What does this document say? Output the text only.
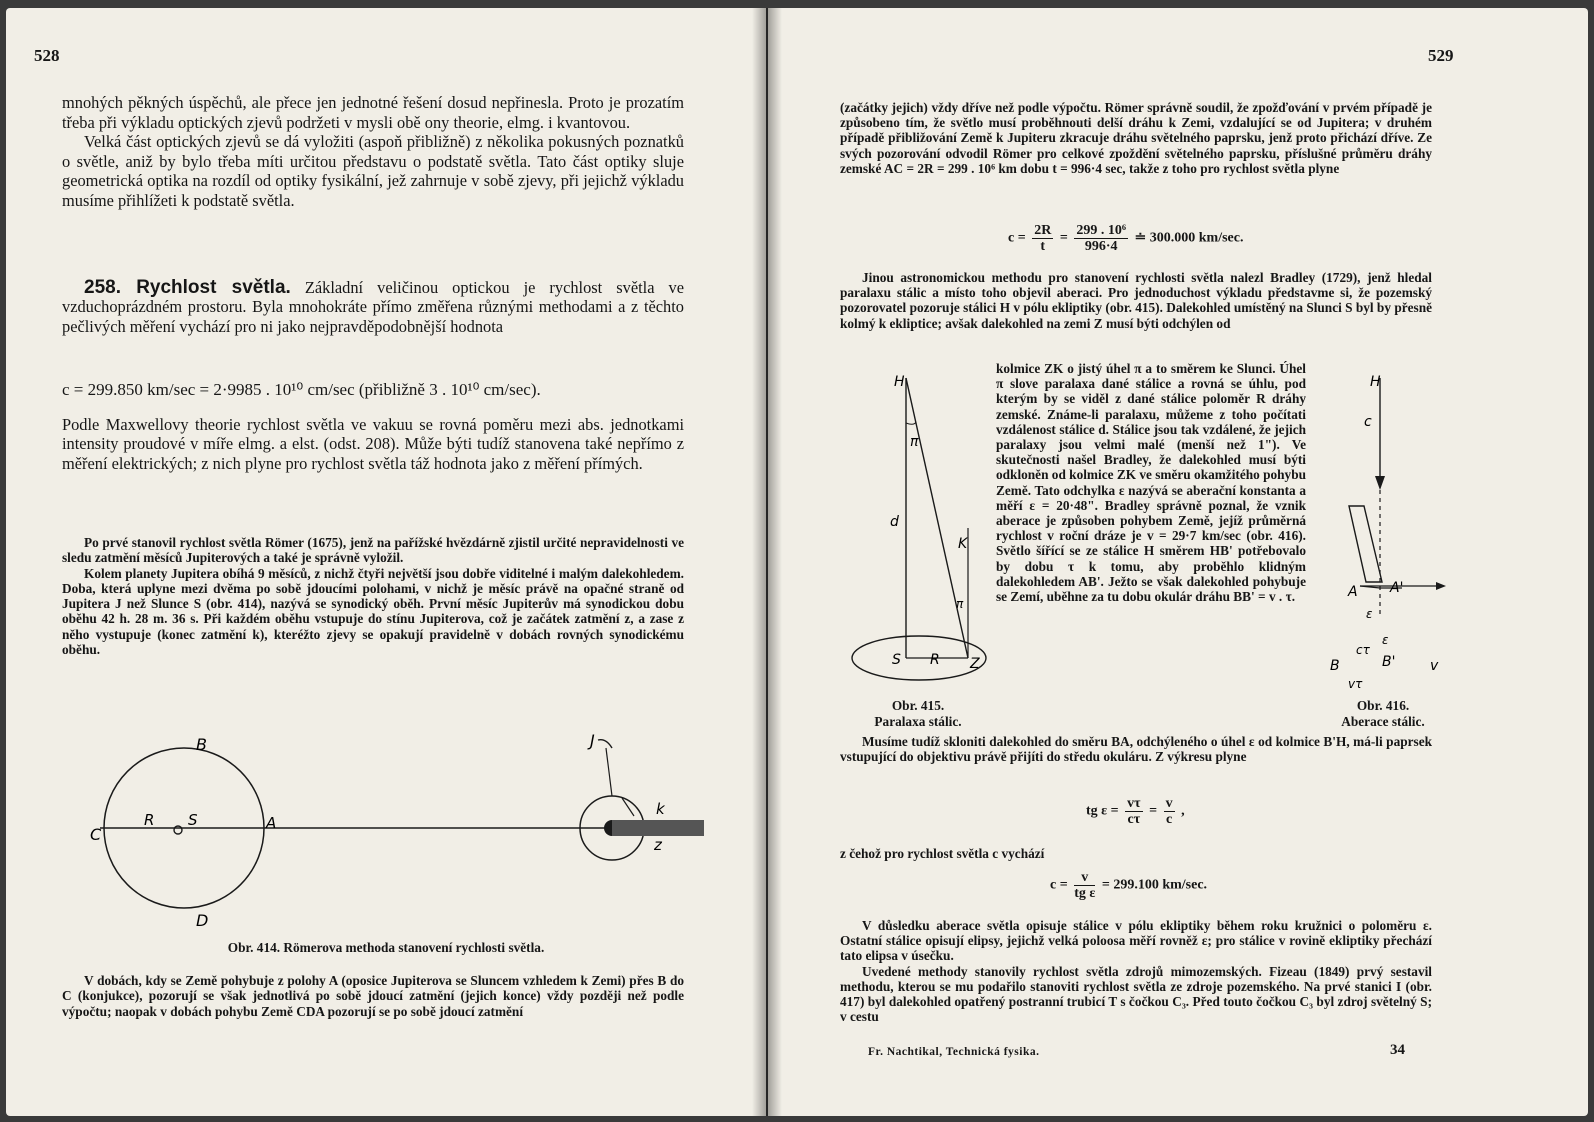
528

mnohých pěkných úspěchů, ale přece jen jednotné řešení dosud nepřinesla. Proto je prozatím třeba při výkladu optických zjevů podržeti v mysli obě ony theorie, elmg. i kvantovou.

Velká část optických zjevů se dá vyložiti (aspoň přibližně) z několika pokusných poznatků o světle, aniž by bylo třeba míti určitou představu o podstatě světla. Tato část optiky sluje geometrická optika na rozdíl od optiky fysikální, jež zahrnuje v sobě zjevy, při jejichž výkladu musíme přihlížeti k podstatě světla.

258. Rychlost světla. Základní veličinou optickou je rychlost světla ve vzduchoprázdném prostoru. Byla mnohokráte přímo změřena různými methodami a z těchto pečlivých měření vychází pro ni jako nejpravděpodobnější hodnota

c = 299.850 km/sec = 2·9985 . 10¹⁰ cm/sec (přibližně 3 . 10¹⁰ cm/sec).
Podle Maxwellovy theorie rychlost světla ve vakuu se rovná poměru mezi abs. jednotkami intensity proudové v míře elmg. a elst. (odst. 208). Může býti tudíž stanovena také nepřímo z měření elektrických; z nich plyne pro rychlost světla táž hodnota jako z měření přímých.

Po prvé stanovil rychlost světla Römer (1675), jenž na pařížské hvězdárně zjistil určité nepravidelnosti ve sledu zatmění měsíců Jupiterových a také je správně vyložil.

Kolem planety Jupitera obíhá 9 měsíců, z nichž čtyři největší jsou dobře viditelné i malým dalekohledem. Doba, která uplyne mezi dvěma po sobě jdoucími polohami, v nichž je měsíc právě na opačné straně od Jupitera J než Slunce S (obr. 414), nazývá se synodický oběh. První měsíc Jupiterův má synodickou dobu oběhu 42 h. 28 m. 36 s. Při každém oběhu vstupuje do stínu Jupiterova, což je začátek zatmění z, a zase z něho vystupuje (konec zatmění k), kteréžto zjevy se opakují pravidelně v dobách rovných synodickému oběhu.

B
C
R S	A
D
J
k
z
Obr. 414. Römerova methoda stanovení rychlosti světla.

V dobách, kdy se Země pohybuje z polohy A (oposice Jupiterova se Sluncem vzhledem k Zemi) přes B do C (konjukce), pozorují se však jednotlivá po sobě jdoucí zatmění (jejich konce) vždy později než podle výpočtu; naopak v dobách pohybu Země CDA pozorují se po sobě jdoucí zatmění

529
(začátky jejich) vždy dříve než podle výpočtu. Römer správně soudil, že zpožďování v prvém případě je způsobeno tím, že světlo musí proběhnouti delší dráhu k Zemi, vzdalující se od Jupitera; v druhém případě přibližování Země k Jupiteru zkracuje dráhu světelného paprsku, jenž proto přichází dříve. Ze svých pozorování odvodil Römer pro celkové zpoždění světelného paprsku, příslušné průměru dráhy zemské AC = 2R = 299 . 10⁶ km dobu t = 996·4 sec, takže z toho pro rychlost světla plyne
$c = \frac{2R}{t} = \frac{\text{299 . 10⁶}}{996\cdot 4}$ ≐ 300.000 km/sec.

Jinou astronomickou methodu pro stanovení rychlosti světla nalezl Bradley (1729), jenž hledal paralaxu stálic a místo toho objevil aberaci. Pro jednoduchost výkladu představme si, že pozemský pozorovatel pozoruje stálici H v pólu ekliptiky (obr. 415). Dalekohled umístěný na Slunci S byl by přesně kolmý k ekliptice; avšak dalekohled na zemi Z musí býti odchýlen od

H
π
d
K
π
S R Z
Obr. 415.
Paralaxa stálic.
kolmice ZK o jistý úhel π a to směrem ke Slunci. Úhel π slove paralaxa dané stálice a rovná se úhlu, pod kterým by se viděl z dané stálice poloměr R dráhy zemské. Známe-li paralaxu, můžeme z toho počítati vzdálenost stálice d. Stálice jsou tak vzdálené, že jejich paralaxy jsou velmi malé (menší než 1"). Ve skutečnosti našel Bradley, že dalekohled musí býti odkloněn od kolmice ZK ve směru okamžitého pohybu Země. Tato odchylka ε nazývá se aberační konstanta a měří ε = 20·48". Bradley správně poznal, že vznik aberace je způsoben pohybem Země, jejíž průměrná rychlost v roční dráze je v = 29·7 km/sec (obr. 416). Světlo šířící se ze stálice H směrem HB' potřebovalo by dobu τ k tomu, aby proběhlo klidným dalekohledem AB'. Ježto se však dalekohled pohybuje se Zemí, uběhne za tu dobu okulár dráhu BB' = v . τ.
H
c
A A'
ε
cτ
ε
B	B'
vτ
v
Obr. 416.
Aberace stálic.

Musíme tudíž skloniti dalekohled do směru BA, odchýleného o úhel ε od kolmice B'H, má-li paprsek vstupující do objektivu právě přijíti do středu okuláru. Z výkresu plyne

tg $\varepsilon = \frac{v\tau}{c\tau} = \frac{v}{c}$ ,
z čehož pro rychlost světla c vychází
$c = \frac{v}{\text{tg ε}} = 299.100$ km/sec.

V důsledku aberace světla opisuje stálice v pólu ekliptiky během roku kružnici o poloměru ε. Ostatní stálice opisují elipsy, jejichž velká poloosa měří rovněž ε; pro stálice v rovině ekliptiky přechází tato elipsa v úsečku.

Uvedené methody stanovily rychlost světla zdrojů mimozemských. Fizeau (1849) prvý sestavil methodu, kterou se mu podařilo stanoviti rychlost světla ze zdroje pozemského. Na prvé stanici I (obr. 417) byl dalekohled opatřený postranní trubicí T s čočkou C₃. Před touto čočkou C₃ byl zdroj světelný S; v cestu

Fr. Nachtikal, Technická fysika.	34
